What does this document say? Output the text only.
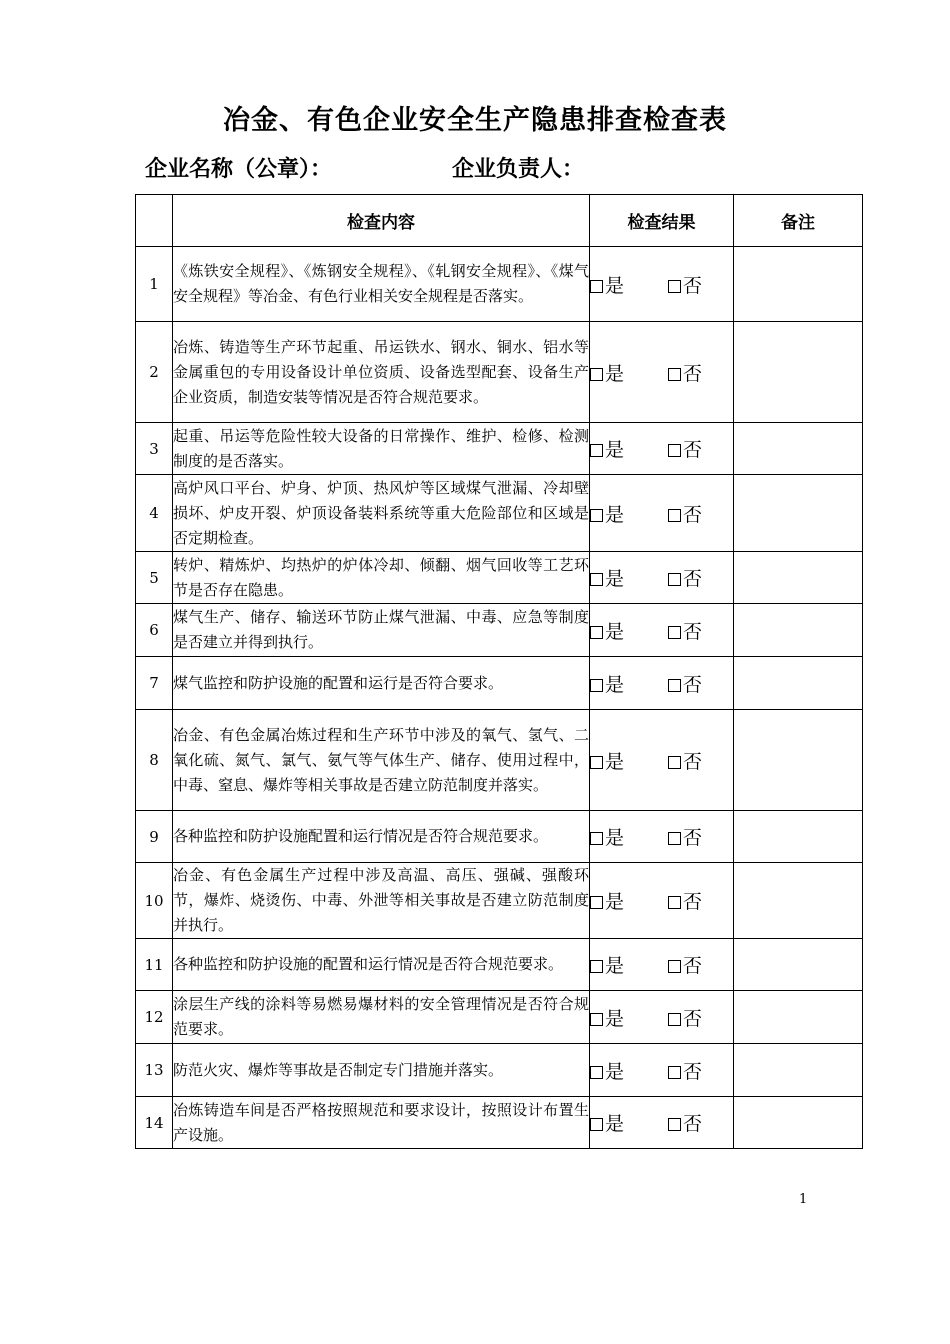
冶金、有色企业安全生产隐患排查检查表
企业名称（公章）：	企业负责人：
	检查内容	检查结果	备注
1	《炼铁安全规程》、《炼钢安全规程》、《轧钢安全规程》、《煤气安全规程》等冶金、有色行业相关安全规程是否落实。	是 否	
2	冶炼、铸造等生产环节起重、吊运铁水、钢水、铜水、铝水等金属重包的专用设备设计单位资质、设备选型配套、设备生产企业资质，制造安装等情况是否符合规范要求。	是 否	
3	起重、吊运等危险性较大设备的日常操作、维护、检修、检测制度的是否落实。	是 否	
4	高炉风口平台、炉身、炉顶、热风炉等区域煤气泄漏、冷却壁损坏、炉皮开裂、炉顶设备装料系统等重大危险部位和区域是否定期检查。	是 否	
5	转炉、精炼炉、均热炉的炉体冷却、倾翻、烟气回收等工艺环节是否存在隐患。	是 否	
6	煤气生产、储存、输送环节防止煤气泄漏、中毒、应急等制度是否建立并得到执行。	是 否	
7	煤气监控和防护设施的配置和运行是否符合要求。	是 否	
8	冶金、有色金属冶炼过程和生产环节中涉及的氧气、氢气、二氧化硫、氮气、氯气、氨气等气体生产、储存、使用过程中，中毒、窒息、爆炸等相关事故是否建立防范制度并落实。	是 否	
9	各种监控和防护设施配置和运行情况是否符合规范要求。	是 否	
10	冶金、有色金属生产过程中涉及高温、高压、强碱、强酸环节，爆炸、烧烫伤、中毒、外泄等相关事故是否建立防范制度并执行。	是 否	
11	各种监控和防护设施的配置和运行情况是否符合规范要求。	是 否	
12	涂层生产线的涂料等易燃易爆材料的安全管理情况是否符合规范要求。	是 否	
13	防范火灾、爆炸等事故是否制定专门措施并落实。	是 否	
14	冶炼铸造车间是否严格按照规范和要求设计，按照设计布置生产设施。	是 否	
1
